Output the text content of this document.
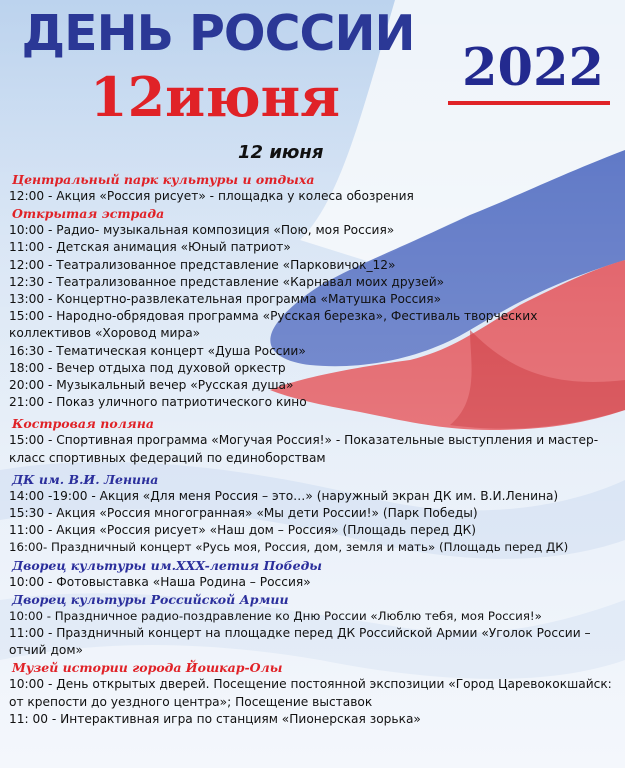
ДЕНЬ РОССИИ
12июня	2022
12 июня
Центральный парк культуры и отдыха
12:00 - Акция «Россия рисует» - площадка у колеса обозрения
Открытая эстрада
10:00 - Радио- музыкальная композиция «Пою, моя Россия»
11:00 - Детская анимация «Юный патриот»
12:00 - Театрализованное представление «Парковичок_12»
12:30 - Театрализованное представление «Карнавал моих друзей»
13:00 - Концертно-развлекательная программа «Матушка Россия»
15:00 - Народно-обрядовая программа «Русская березка», Фестиваль творческих коллективов «Хоровод мира»
16:30 - Тематическая концерт «Душа России»
18:00 - Вечер отдыха под духовой оркестр
20:00 - Музыкальный вечер «Русская душа»
21:00 - Показ уличного патриотического кино
Костровая поляна
15:00 - Спортивная программа «Могучая Россия!» - Показательные выступления и мастер-класс спортивных федераций по единоборствам
ДК им. В.И. Ленина
14:00 -19:00 - Акция «Для меня Россия – это…» (наружный экран ДК им. В.И.Ленина)
15:30 - Акция «Россия многогранная» «Мы дети России!» (Парк Победы)
11:00 - Акция «Россия рисует» «Наш дом – Россия» (Площадь перед ДК)
16:00- Праздничный концерт «Русь моя, Россия, дом, земля и мать» (Площадь перед ДК)
Дворец культуры им.XXX-летия Победы
10:00 - Фотовыставка «Наша Родина – Россия»
Дворец культуры Российской Армии
10:00 - Праздничное радио-поздравление ко Дню России «Люблю тебя, моя Россия!»
11:00 - Праздничный концерт на площадке перед ДК Российской Армии «Уголок России – отчий дом»
Музей истории города Йошкар-Олы
10:00 - День открытых дверей. Посещение постоянной экспозиции «Город Царевококшайск: от крепости до уездного центра»; Посещение выставок
11: 00 - Интерактивная игра по станциям «Пионерская зорька»
